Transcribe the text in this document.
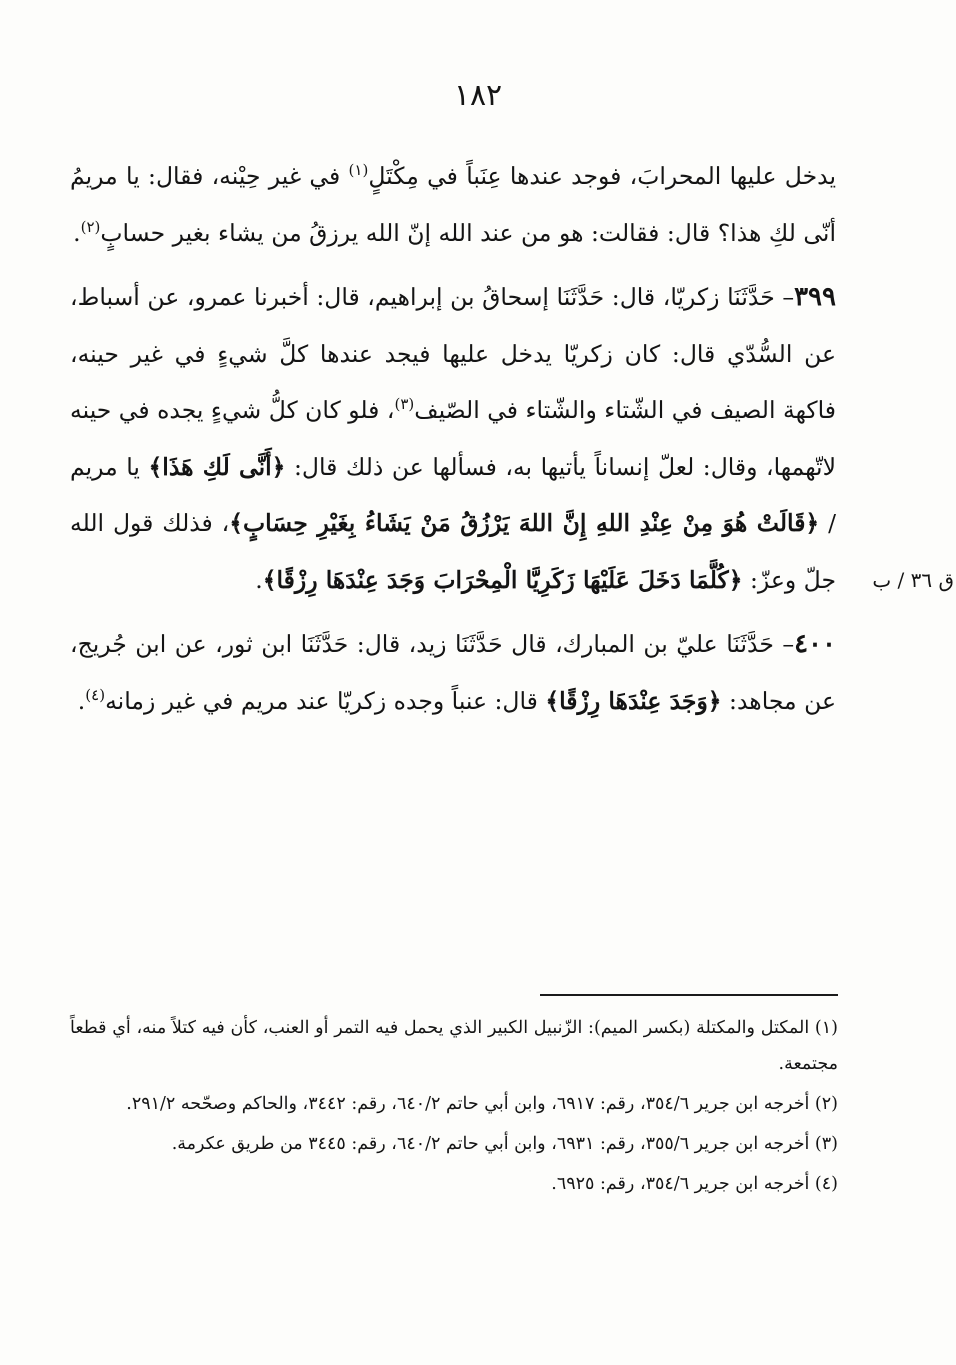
١٨٢

يدخل عليها المحرابَ، فوجد عندها عِنَباً في مِكْتَلٍ$^{(١)}$ في غير حِيْنه، فقال: يا مريمُ أنّى لكِ هذا؟ قال: فقالت: هو من عند الله إنّ الله يرزقُ من يشاء بغير حسابٍ$^{(٢)}$.

٣٩٩– حَدَّثَنَا زكريّا، قال: حَدَّثَنَا إسحاقُ بن إبراهيم، قال: أخبرنا عمرو، عن أسباط، عن السُّدّي قال: كان زكريّا يدخل عليها فيجد عندها كلَّ شيءٍ في غير حينه، فاكهة الصيف في الشّتاء والشّتاء في الصّيف$^{(٣)}$، فلو كان كلُّ شيءٍ يجده في حينه لاتّهمها، وقال: لعلّ إنساناً يأتيها به، فسألها عن ذلك قال: ﴿أَنَّى لَكِ هَذَا﴾ يا مريم / ﴿قَالَتْ هُوَ مِنْ عِنْدِ اللهِ إِنَّ اللهَ يَرْزُقُ مَنْ يَشَاءُ بِغَيْرِ حِسَابٍ﴾، فذلك قول الله جلّ وعزّ: ﴿كُلَّمَا دَخَلَ عَلَيْهَا زَكَرِيَّا الْمِحْرَابَ وَجَدَ عِنْدَهَا رِزْقًا﴾.

٤٠٠– حَدَّثَنَا عليّ بن المبارك، قال حَدَّثَنَا زيد، قال: حَدَّثَنَا ابن ثور، عن ابن جُريج، عن مجاهد: ﴿وَجَدَ عِنْدَهَا رِزْقًا﴾ قال: عنباً وجده زكريّا عند مريم في غير زمانه$^{(٤)}$.

ق ٣٦ / ب

(١) المكتل والمكتلة (بكسر الميم): الزّنبيل الكبير الذي يحمل فيه التمر أو العنب، كأن فيه كتلاً منه، أي قطعاً مجتمعة.

(٢) أخرجه ابن جرير ٣٥٤/٦، رقم: ٦٩١٧، وابن أبي حاتم ٦٤٠/٢، رقم: ٣٤٤٢، والحاكم وصحّحه ٢٩١/٢.

(٣) أخرجه ابن جرير ٣٥٥/٦، رقم: ٦٩٣١، وابن أبي حاتم ٦٤٠/٢، رقم: ٣٤٤٥ من طريق عكرمة.

(٤) أخرجه ابن جرير ٣٥٤/٦، رقم: ٦٩٢٥.
